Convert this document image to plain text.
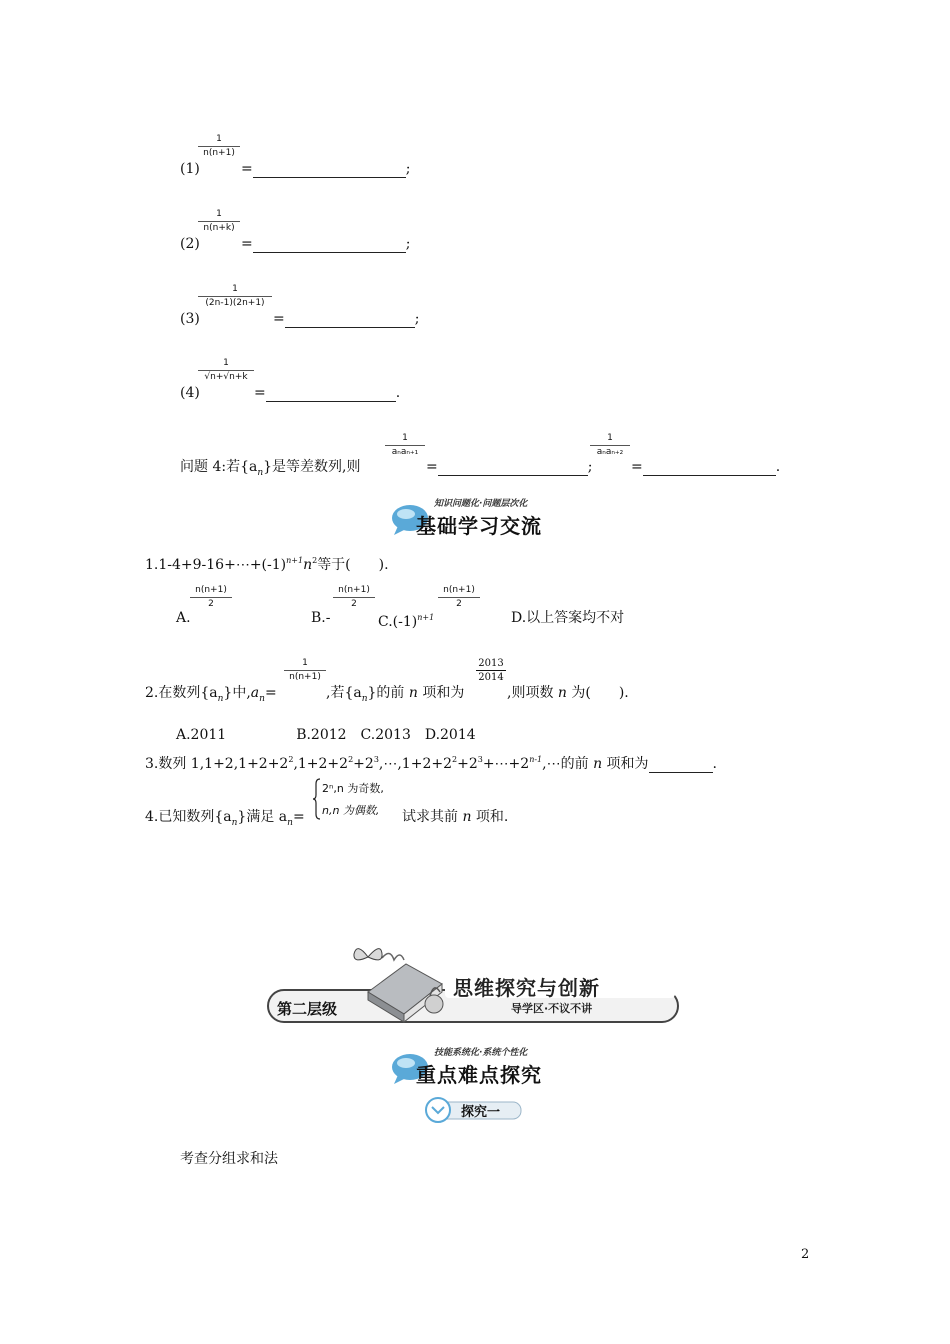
(1)
1
n(n+1)
=	;
(2)
1
n(n+k)
=	;
(3)
1
(2n-1)(2n+1)
=	;
(4)
1
√n+√n+k
=	.
问题 4:若$\{a_n\}$是等差数列,则
1
aₙaₙ₊₁
=	;
1
aₙaₙ₊₂
=	.
知识问题化·问题层次化
基础学习交流
$1.1-4+9-16+\cdots+(-1)^{n+1}n^2$等于(　　).
A.
n(n+1)
2
B.-
n(n+1)
2
$C.(-1)^{n+1}$
n(n+1)
2
D.以上答案均不对
2.在数列$\{a_n\}$中$,a_n=$
1
n(n+1)
,若$\{a_n\}$的前 n 项和为
2013
2014
,则项数 n 为(　　).
A.2011　　　　　B.2012　C.2013　D.2014
3.数列 $1,1+2,1+2+2^2,1+2+2^2+2^3,\cdots,1+2+2^2+2^3+\cdots+2^{n-1},\cdots$的前 n 项和为	.
4.已知数列$\{a_n\}$满足 $a_n=$
2ⁿ,n 为奇数,
n,n 为偶数, 试求其前 n 项和.
第二层级
思维探究与创新
导学区·不议不讲
技能系统化·系统个性化
重点难点探究
探究一
考查分组求和法
2
